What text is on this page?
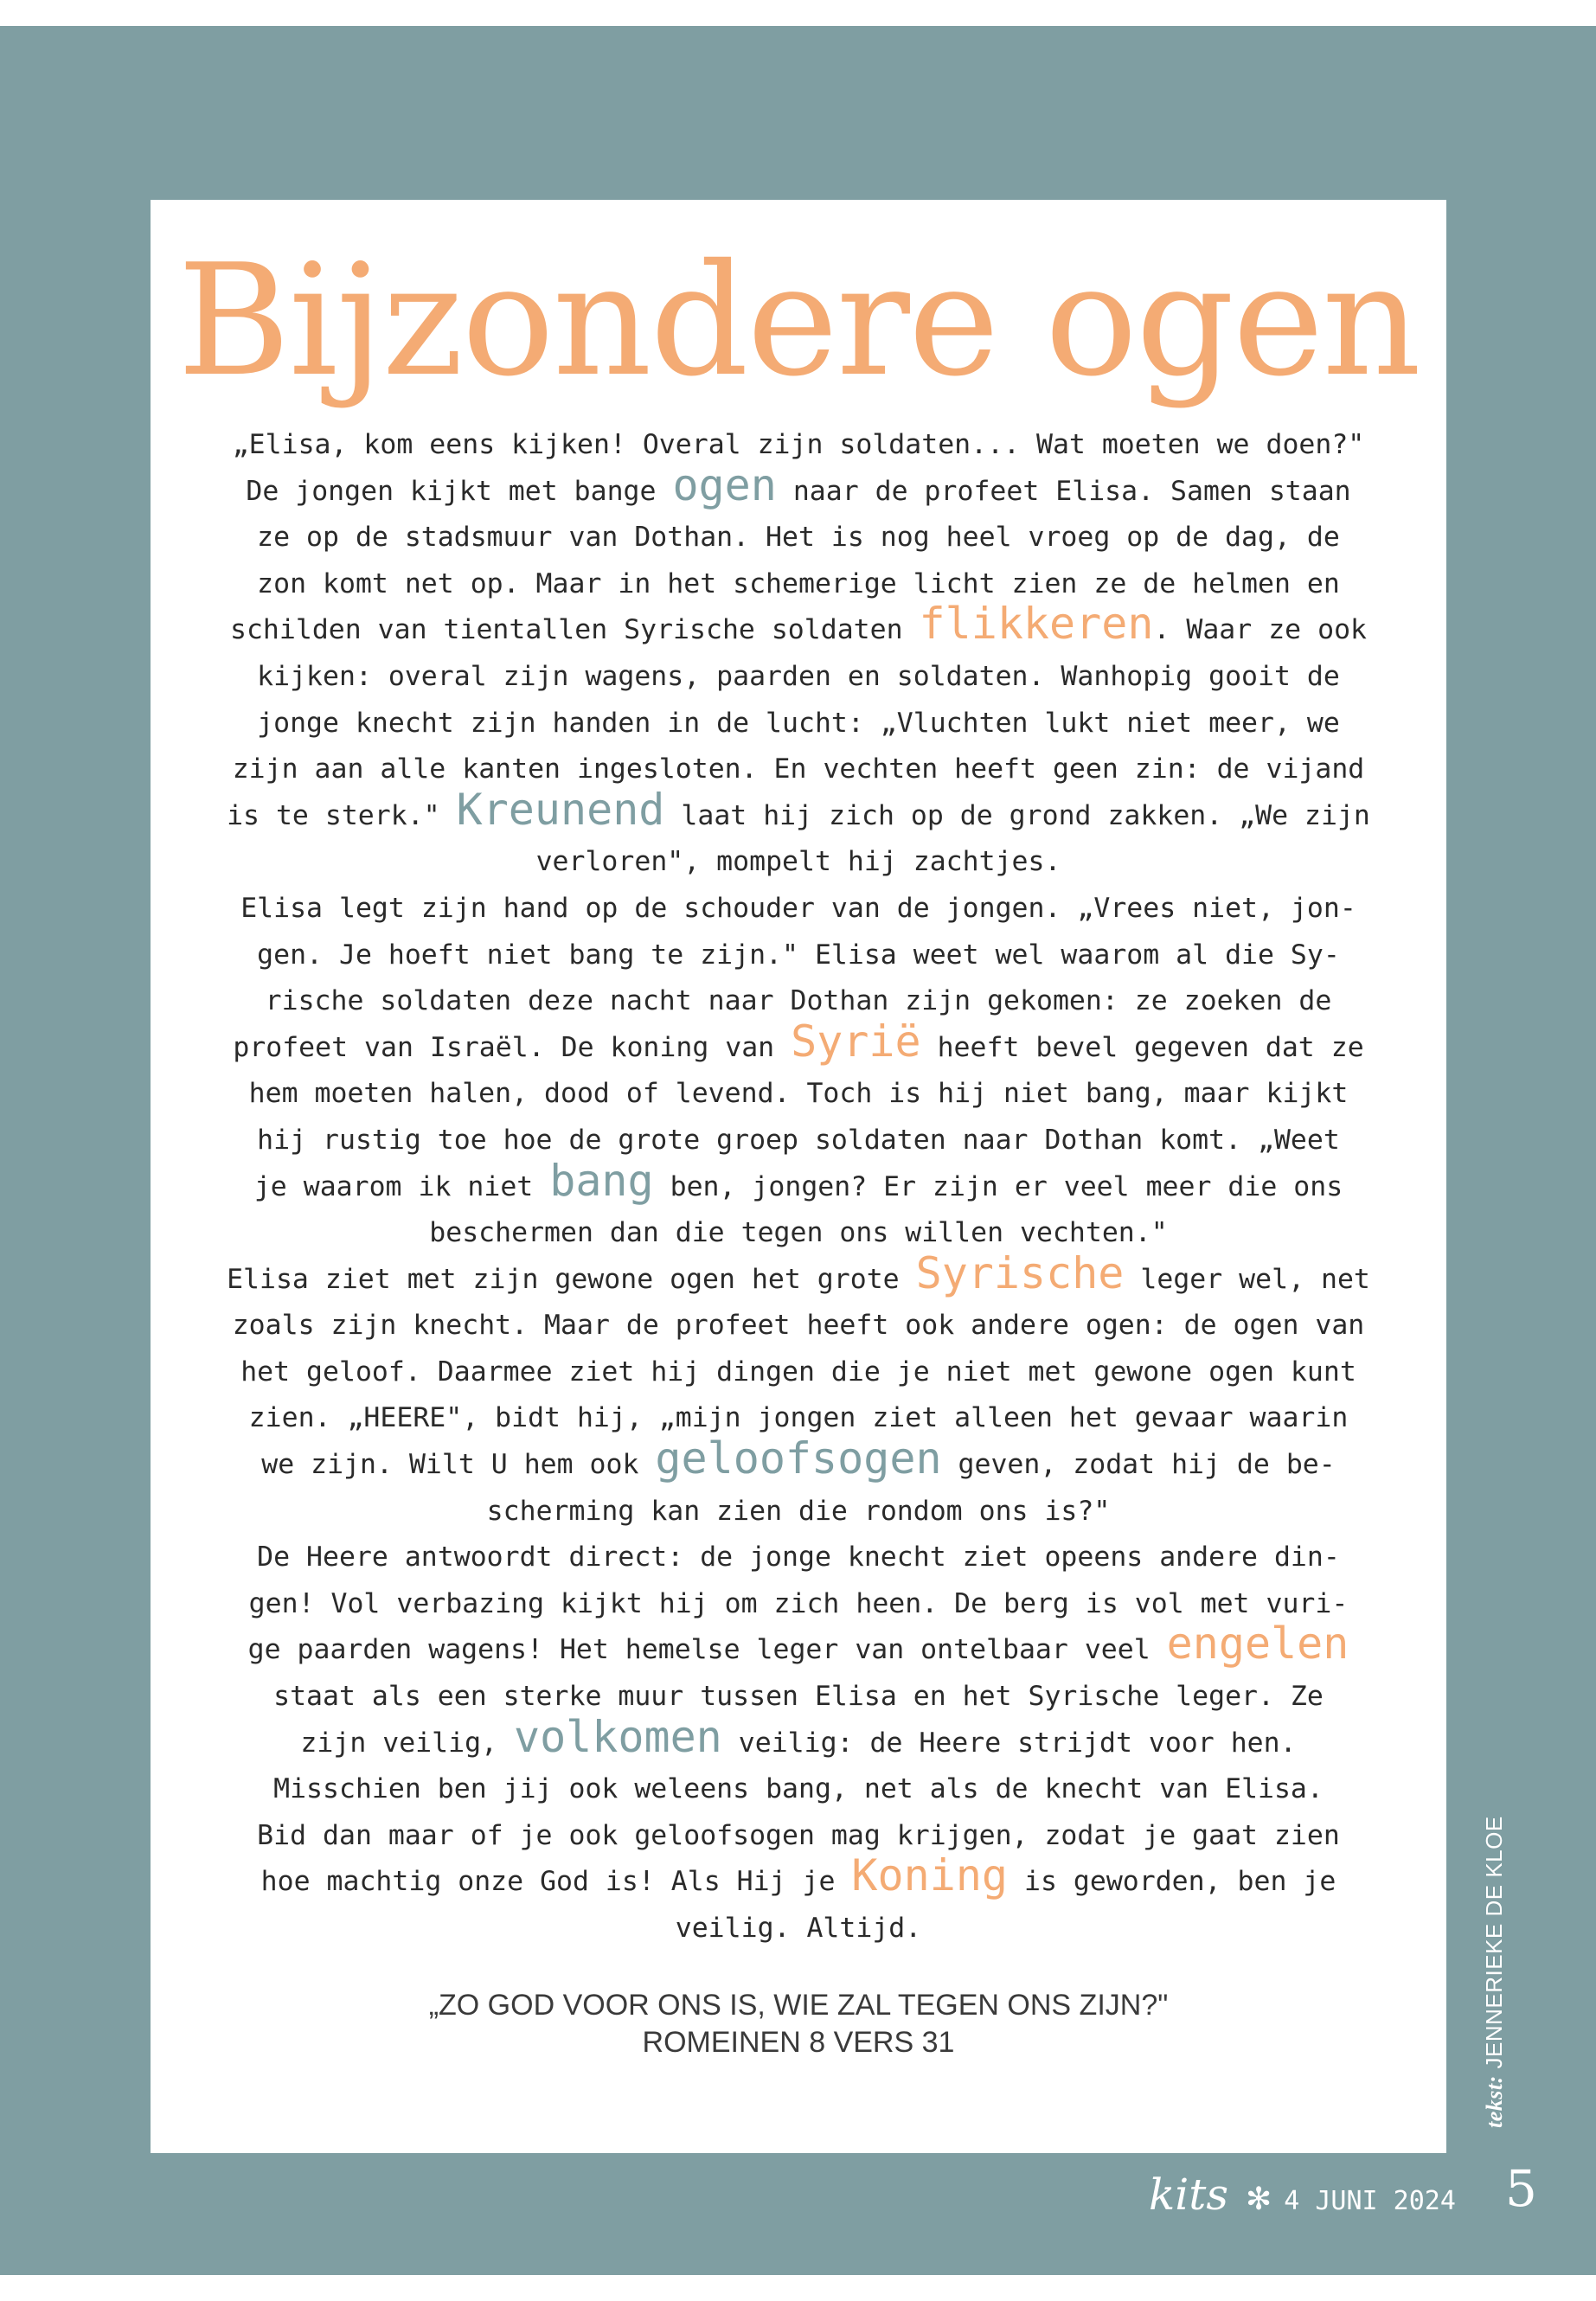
Bijzondere ogen
„Elisa, kom eens kijken! Overal zijn soldaten... Wat moeten we doen?"
De jongen kijkt met bange ogen naar de profeet Elisa. Samen staan
ze op de stadsmuur van Dothan. Het is nog heel vroeg op de dag, de
zon komt net op. Maar in het schemerige licht zien ze de helmen en
schilden van tientallen Syrische soldaten flikkeren. Waar ze ook
kijken: overal zijn wagens, paarden en soldaten. Wanhopig gooit de
jonge knecht zijn handen in de lucht: „Vluchten lukt niet meer, we
zijn aan alle kanten ingesloten. En vechten heeft geen zin: de vijand
is te sterk." Kreunend laat hij zich op de grond zakken. „We zijn
verloren", mompelt hij zachtjes.
Elisa legt zijn hand op de schouder van de jongen. „Vrees niet, jon-
gen. Je hoeft niet bang te zijn." Elisa weet wel waarom al die Sy-
rische soldaten deze nacht naar Dothan zijn gekomen: ze zoeken de
profeet van Israël. De koning van Syrië heeft bevel gegeven dat ze
hem moeten halen, dood of levend. Toch is hij niet bang, maar kijkt
hij rustig toe hoe de grote groep soldaten naar Dothan komt. „Weet
je waarom ik niet bang ben, jongen? Er zijn er veel meer die ons
beschermen dan die tegen ons willen vechten."
Elisa ziet met zijn gewone ogen het grote Syrische leger wel, net
zoals zijn knecht. Maar de profeet heeft ook andere ogen: de ogen van
het geloof. Daarmee ziet hij dingen die je niet met gewone ogen kunt
zien. „HEERE", bidt hij, „mijn jongen ziet alleen het gevaar waarin
we zijn. Wilt U hem ook geloofsogen geven, zodat hij de be-
scherming kan zien die rondom ons is?"
De Heere antwoordt direct: de jonge knecht ziet opeens andere din-
gen! Vol verbazing kijkt hij om zich heen. De berg is vol met vuri-
ge paarden wagens! Het hemelse leger van ontelbaar veel engelen
staat als een sterke muur tussen Elisa en het Syrische leger. Ze
zijn veilig, volkomen veilig: de Heere strijdt voor hen.
Misschien ben jij ook weleens bang, net als de knecht van Elisa.
Bid dan maar of je ook geloofsogen mag krijgen, zodat je gaat zien
hoe machtig onze God is! Als Hij je Koning is geworden, ben je
veilig. Altijd.
„ZO GOD VOOR ONS IS, WIE ZAL TEGEN ONS ZIJN?"
ROMEINEN 8 VERS 31
tekst: JENNERIEKE DE KLOE
kits ✻ 4 JUNI 2024 5
